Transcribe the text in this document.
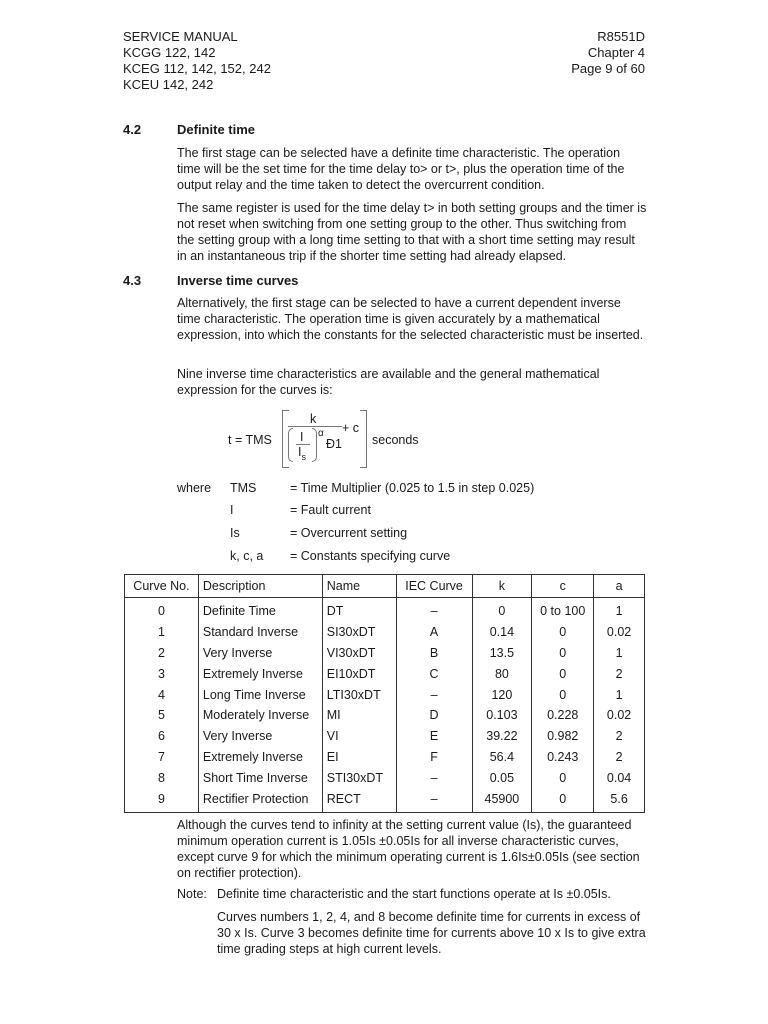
SERVICE MANUAL
KCGG 122, 142
KCEG 112, 142, 152, 242
KCEU 142, 242
R8551D
Chapter 4
Page 9 of 60
4.2	Definite time
The first stage can be selected have a definite time characteristic. The operation time will be the set time for the time delay to> or t>, plus the operation time of the output relay and the time taken to detect the overcurrent condition.
The same register is used for the time delay t> in both setting groups and the timer is not reset when switching from one setting group to the other. Thus switching from the setting group with a long time setting to that with a short time setting may result in an instantaneous trip if the shorter time setting had already elapsed.
4.3	Inverse time curves
Alternatively, the first stage can be selected to have a current dependent inverse time characteristic. The operation time is given accurately by a mathematical expression, into which the constants for the selected characteristic must be inserted.
Nine inverse time characteristics are available and the general mathematical expression for the curves is:
t = TMS
k
+ c
I
$I_s$
α
Ð1 seconds
where TMS	= Time Multiplier (0.025 to 1.5 in step 0.025)
I	= Fault current
Is	= Overcurrent setting
k, c, a = Constants specifying curve
Curve No.	Description	Name	IEC Curve	k	c	a
0	Definite Time	DT	–	0	0 to 100	1
1	Standard Inverse	SI30xDT	A	0.14	0	0.02
2	Very Inverse	VI30xDT	B	13.5	0	1
3	Extremely Inverse	EI10xDT	C	80	0	2
4	Long Time Inverse	LTI30xDT	–	120	0	1
5	Moderately Inverse	MI	D	0.103	0.228	0.02
6	Very Inverse	VI	E	39.22	0.982	2
7	Extremely Inverse	EI	F	56.4	0.243	2
8	Short Time Inverse	STI30xDT	–	0.05	0	0.04
9	Rectifier Protection	RECT	–	45900	0	5.6
Although the curves tend to infinity at the setting current value (Is), the guaranteed minimum operation current is 1.05Is ±0.05Is for all inverse characteristic curves, except curve 9 for which the minimum operating current is 1.6Is±0.05Is (see section on rectifier protection).
Note: Definite time characteristic and the start functions operate at Is ±0.05Is.
Curves numbers 1, 2, 4, and 8 become definite time for currents in excess of 30 x Is. Curve 3 becomes definite time for currents above 10 x Is to give extra time grading steps at high current levels.
